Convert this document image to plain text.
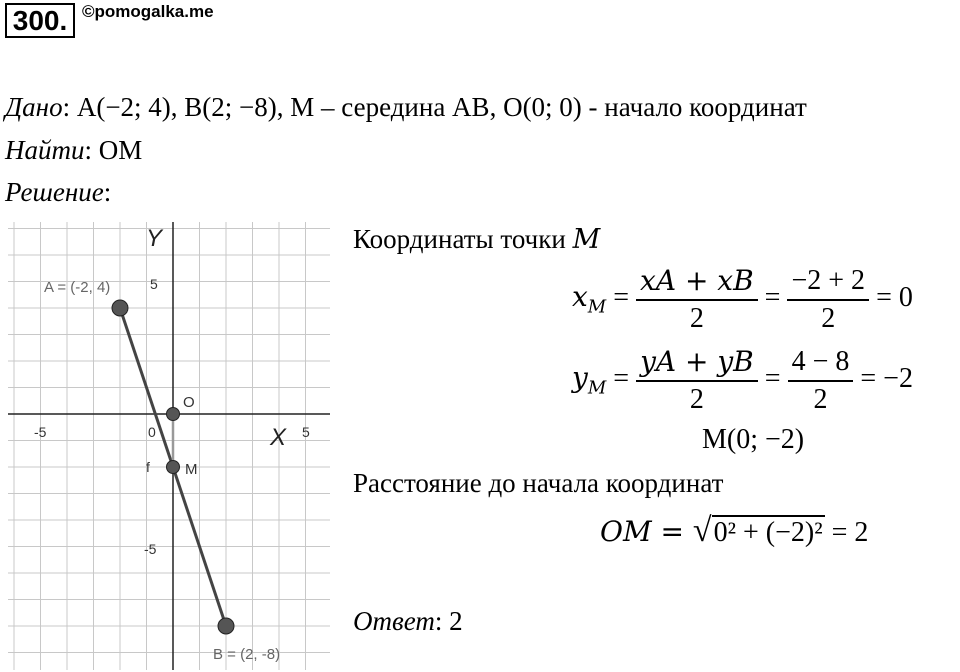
300. ©pomogalka.me
Дано: A(−2; 4), B(2; −8), M – середина AB, O(0; 0) - начало координат
Найти: OM
Решение:
Y
X
5
-5
-5	5
0
A = (-2, 4)
B = (2, -8)
O
M
f
Координаты точки M
$x_M = \frac{xA + xB}{2} = \frac{-2 + 2}{2} = 0$
$y_M = \frac{yA + yB}{2} = \frac{4 - 8}{2} = -2$
M(0; −2)
Расстояние до начала координат
OM = √0² + (−2)² = 2
Ответ: 2
